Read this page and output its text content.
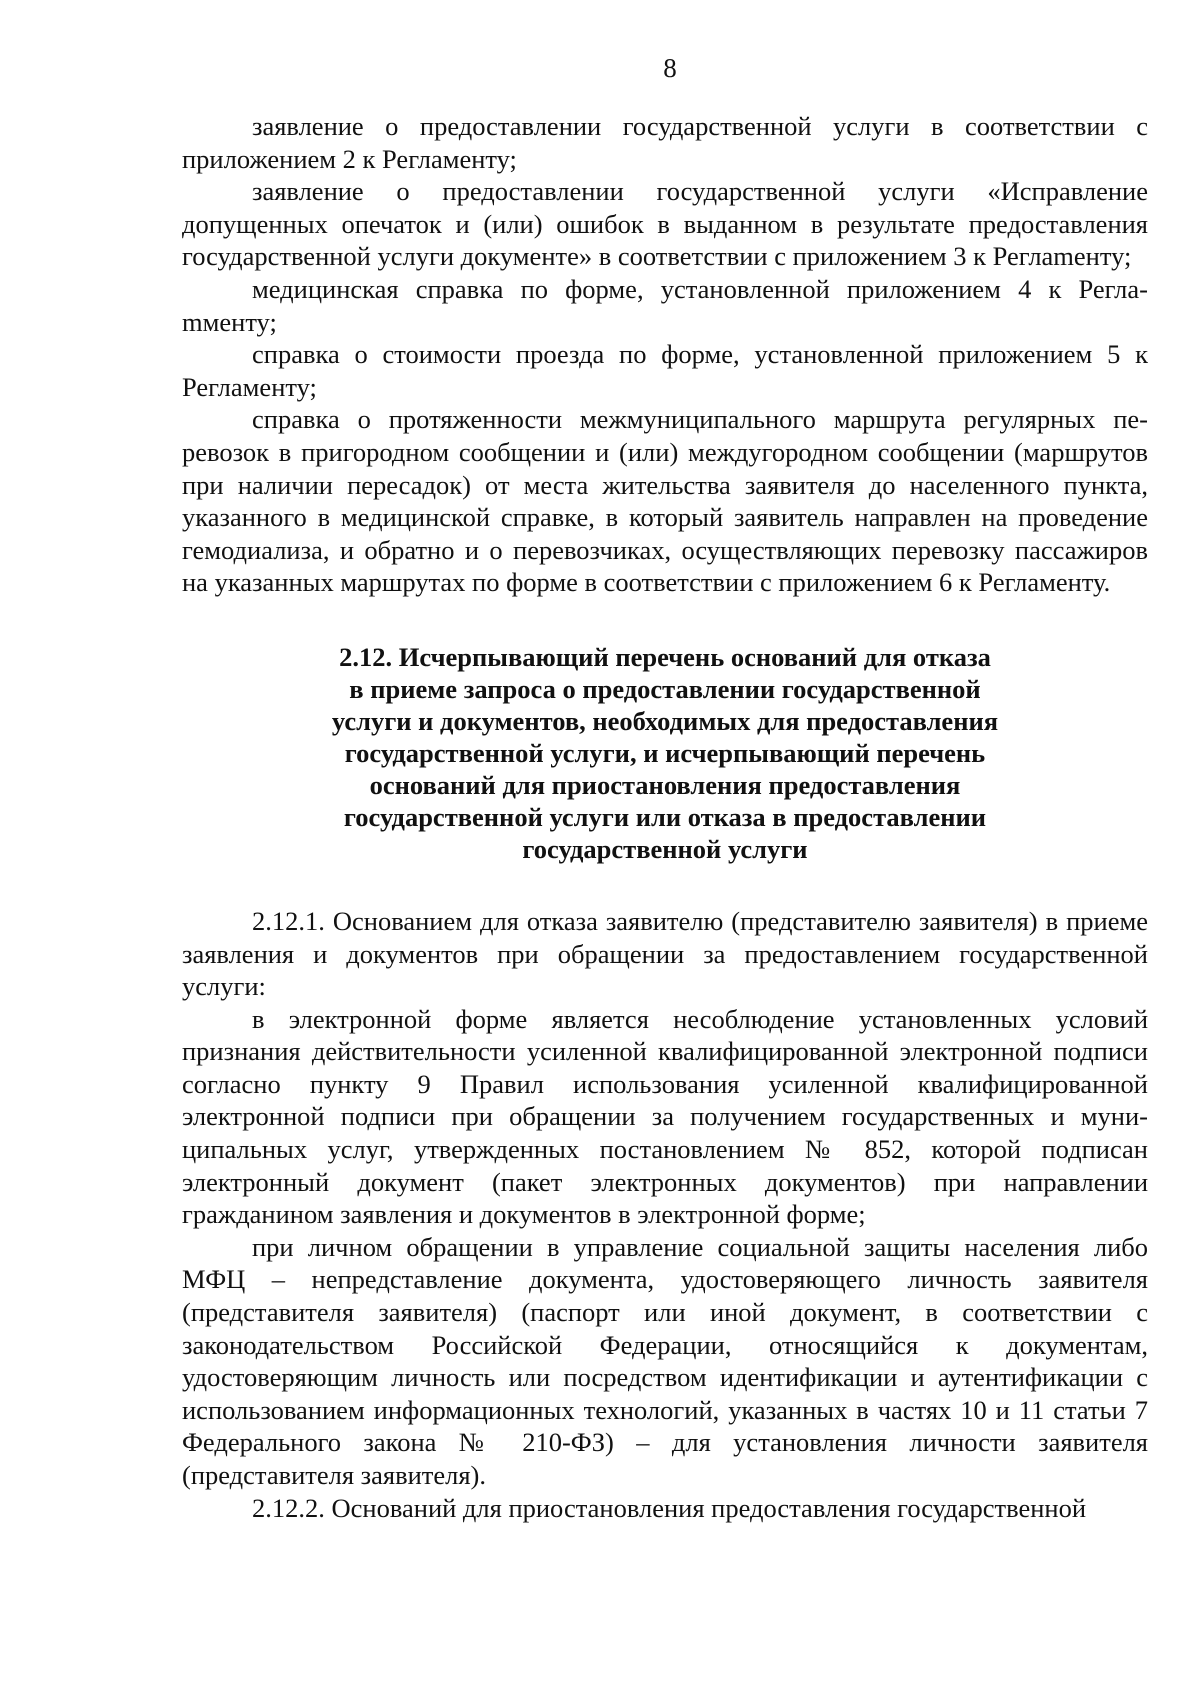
8

заявление о предоставлении государственной услуги в соответствии с приложением 2 к Регламенту;

заявление о предоставлении государственной услуги «Исправление допущенных опечаток и (или) ошибок в выданном в результате предоставления государственной услуги документе» в соответствии с приложением 3 к Реглаmенту;

медицинская справка по форме, установленной приложением 4 к Реглаmменту;

справка о стоимости проезда по форме, установленной приложением 5 к Регламенту;

справка о протяженности межмуниципального маршрута регулярных перевозок в пригородном сообщении и (или) междугородном сообщении (маршрутов при наличии пересадок) от места жительства заявителя до населенного пункта, указанного в медицинской справке, в который заявитель направлен на проведение гемодиализа, и обратно и о перевозчиках, осуществляющих перевозку пассажиров на указанных маршрутах по форме в соответствии с приложением 6 к Регламенту.

2.12. Исчерпывающий перечень оснований для отказа
в приеме запроса о предоставлении государственной
услуги и документов, необходимых для предоставления
государственной услуги, и исчерпывающий перечень
оснований для приостановления предоставления
государственной услуги или отказа в предоставлении
государственной услуги

2.12.1. Основанием для отказа заявителю (представителю заявителя) в приеме заявления и документов при обращении за предоставлением государственной услуги:

в электронной форме является несоблюдение установленных условий признания действительности усиленной квалифицированной электронной подписи согласно пункту 9 Правил использования усиленной квалифицированной электронной подписи при обращении за получением государственных и муниципальных услуг, утвержденных постановлением № 852, которой подписан электронный документ (пакет электронных документов) при направлении гражданином заявления и документов в электронной форме;

при личном обращении в управление социальной защиты населения либо МФЦ – непредставление документа, удостоверяющего личность заявителя (представителя заявителя) (паспорт или иной документ, в соответствии с законодательством Российской Федерации, относящийся к документам, удостоверяющим личность или посредством идентификации и аутентификации с использованием информационных технологий, указанных в частях 10 и 11 статьи 7 Федерального закона № 210-ФЗ) – для установления личности заявителя (представителя заявителя).

2.12.2. Оснований для приостановления предоставления государственной
